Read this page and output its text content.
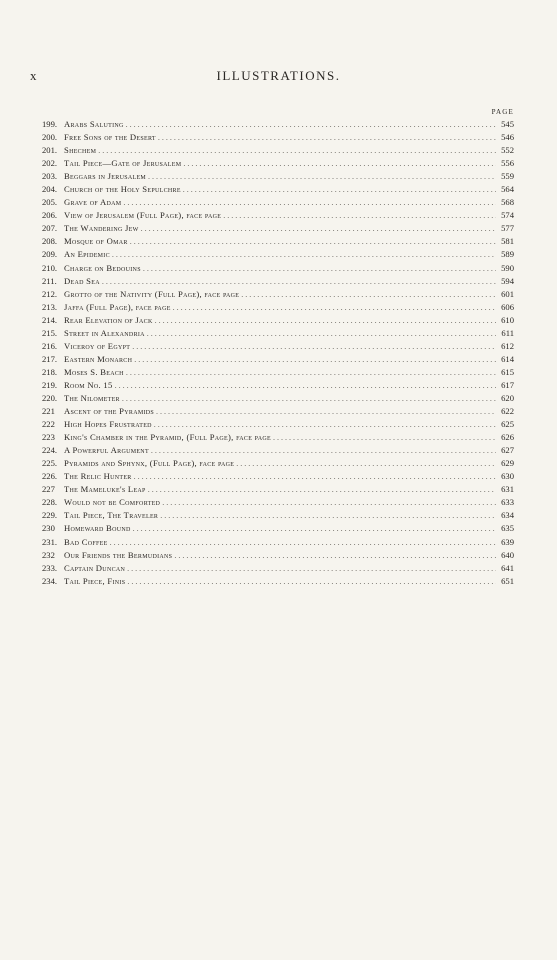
x	ILLUSTRATIONS.
PAGE
199. Arabs Saluting . . .	545
200. Free Sons of the Desert . . .	546
201. Shechem . . .	552
202. Tail Piece—Gate of Jerusalem . . .	556
203. Beggars in Jerusalem . . .	559
204. Church of the Holy Sepulchre . . .	564
205. Grave of Adam . . .	568
206. View of Jerusalem (Full Page), face page . . .	574
207. The Wandering Jew . . .	577
208. Mosque of Omar . . .	581
209. An Epidemic . . .	589
210. Charge on Bedouins . . .	590
211. Dead Sea . . .	594
212. Grotto of the Nativity (Full Page), face page . . .	601
213. Jaffa (Full Page), face page . . .	606
214. Rear Elevation of Jack . . .	610
215. Street in Alexandria . . .	611
216. Viceroy of Egypt . . .	612
217. Eastern Monarch . . .	614
218. Moses S. Beach . . .	615
219. Room No. 15 . . .	617
220. The Nilometer . . .	620
221	Ascent of the Pyramids . . .	622
222	High Hopes Frustrated . . .	625
223	King's Chamber in the Pyramid, (Full Page), face page . . .	626
224. A Powerful Argument . . .	627
225. Pyramids and Sphynx, (Full Page), face page . . .	629
226. The Relic Hunter . . .	630
227	The Mameluke's Leap . . .	631
228. Would not be Comforted . . .	633
229. Tail Piece, The Traveler . . .	634
230	Homeward Bound . . .	635
231. Bad Coffee . . .	639
232	Our Friends the Bermudians . . .	640
233. Captain Duncan . . .	641
234. Tail Piece, Finis . . .	651
